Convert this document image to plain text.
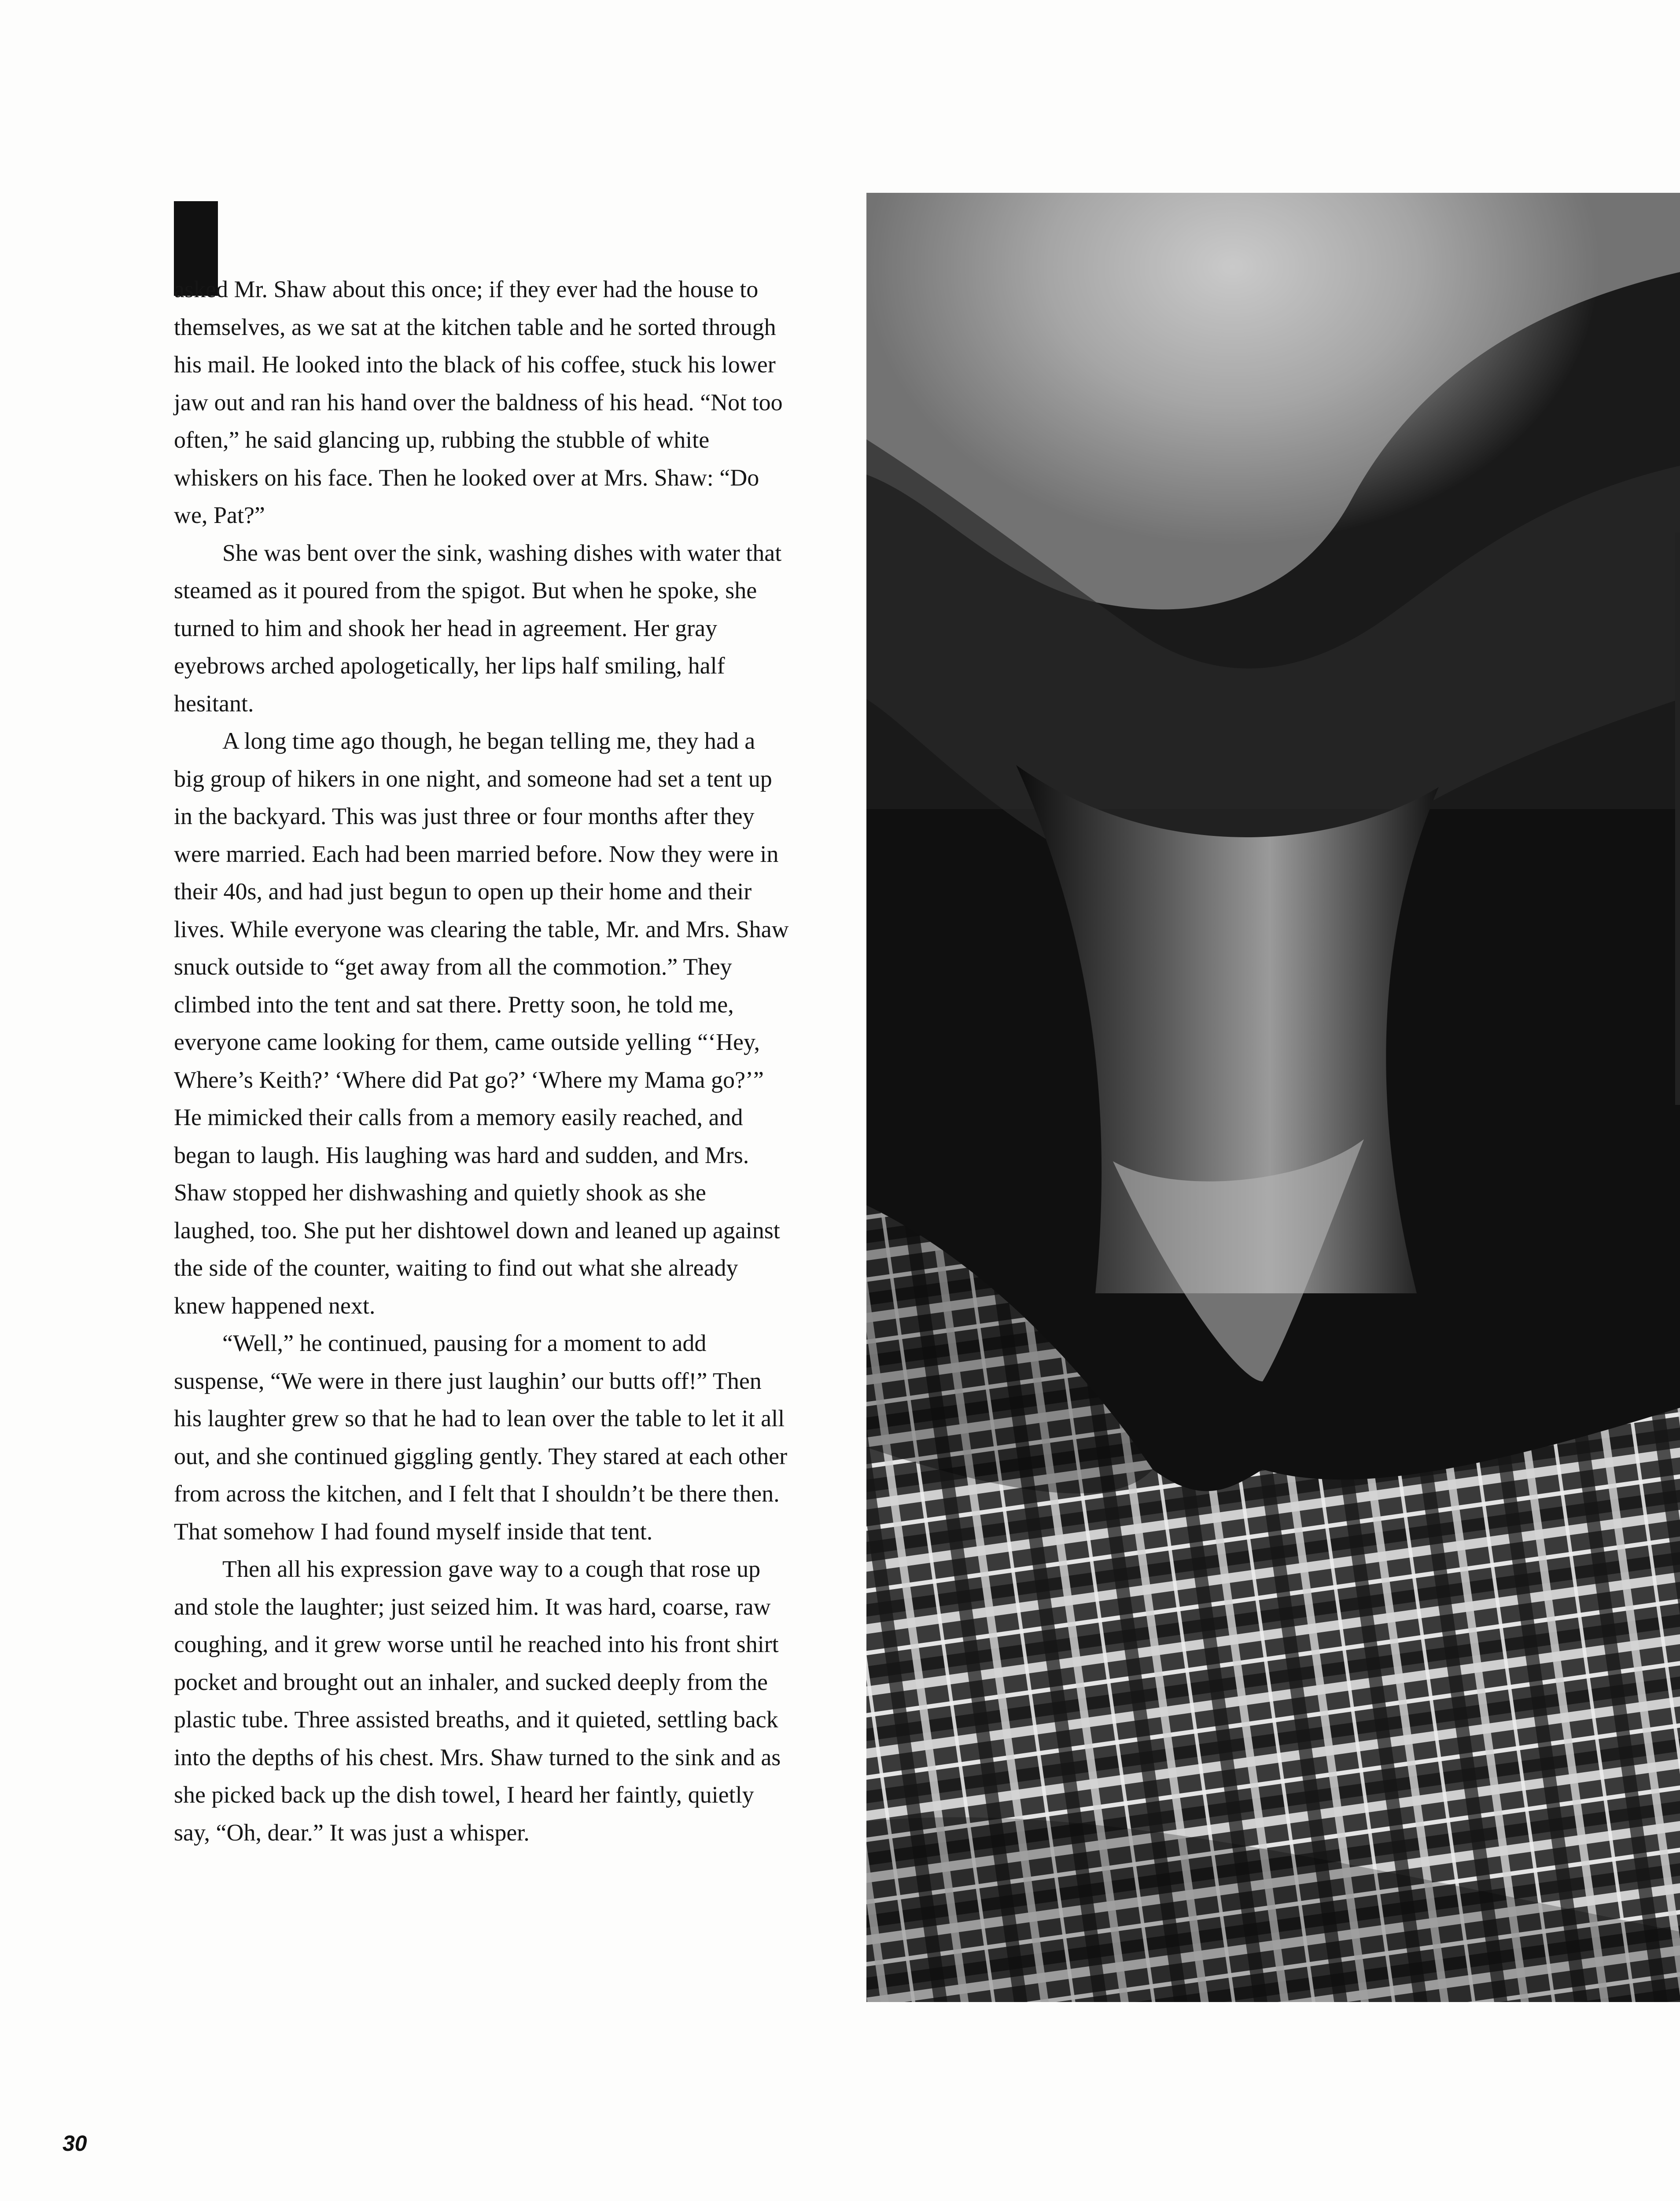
asked Mr. Shaw about this once; if they ever had the house to themselves, as we sat at the kitchen table and he sorted through his mail. He looked into the black of his coffee, stuck his lower jaw out and ran his hand over the baldness of his head. “Not too often,” he said glancing up, rubbing the stubble of white whiskers on his face. Then he looked over at Mrs. Shaw: “Do we, Pat?”

She was bent over the sink, washing dishes with water that steamed as it poured from the spigot. But when he spoke, she turned to him and shook her head in agreement. Her gray eyebrows arched apologetically, her lips half smiling, half hesitant.

A long time ago though, he began telling me, they had a big group of hikers in one night, and someone had set a tent up in the backyard. This was just three or four months after they were married. Each had been married before. Now they were in their 40s, and had just begun to open up their home and their lives. While everyone was clearing the table, Mr. and Mrs. Shaw snuck outside to “get away from all the commotion.” They climbed into the tent and sat there. Pretty soon, he told me, everyone came looking for them, came outside yelling “‘Hey, Where’s Keith?’ ‘Where did Pat go?’ ‘Where my Mama go?’” He mimicked their calls from a memory easily reached, and began to laugh. His laughing was hard and sudden, and Mrs. Shaw stopped her dishwashing and quietly shook as she laughed, too. She put her dishtowel down and leaned up against the side of the counter, waiting to find out what she already knew happened next.

“Well,” he continued, pausing for a moment to add suspense, “We were in there just laughin’ our butts off!” Then his laughter grew so that he had to lean over the table to let it all out, and she continued giggling gently. They stared at each other from across the kitchen, and I felt that I shouldn’t be there then. That somehow I had found myself inside that tent.

Then all his expression gave way to a cough that rose up and stole the laughter; just seized him. It was hard, coarse, raw coughing, and it grew worse until he reached into his front shirt pocket and brought out an inhaler, and sucked deeply from the plastic tube. Three assisted breaths, and it quieted, settling back into the depths of his chest. Mrs. Shaw turned to the sink and as she picked back up the dish towel, I heard her faintly, quietly say, “Oh, dear.” It was just a whisper.

30
